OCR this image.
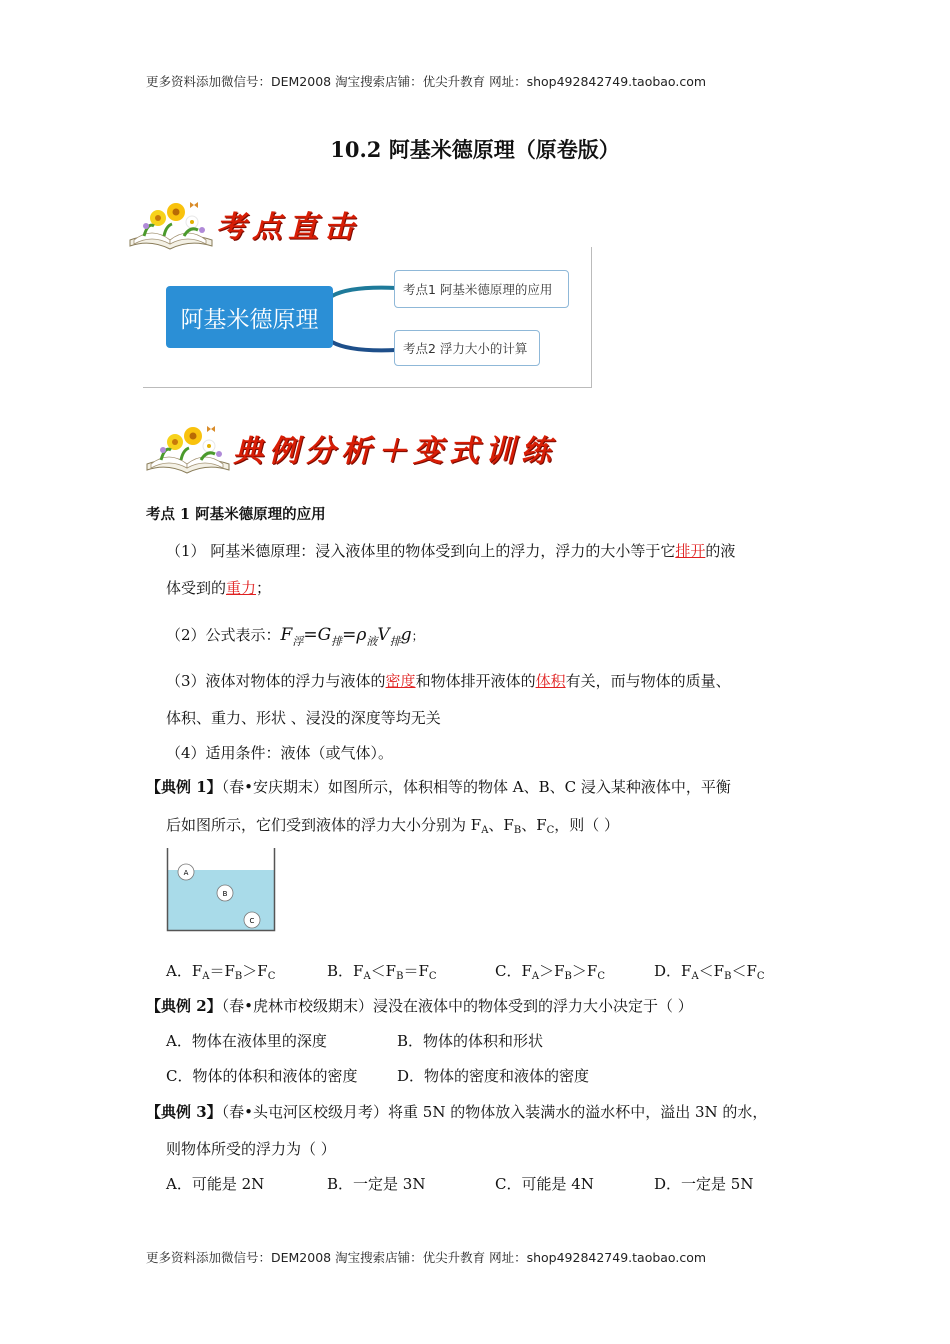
更多资料添加微信号：DEM2008 淘宝搜索店铺：优尖升教育 网址：shop492842749.taobao.com
10.2 阿基米德原理（原卷版）
考点直击
阿基米德原理
考点1 阿基米德原理的应用
考点2 浮力大小的计算
典例分析＋变式训练
考点 1 阿基米德原理的应用
（1） 阿基米德原理：浸入液体里的物体受到向上的浮力，浮力的大小等于它排开的液
体受到的重力；
（2）公式表示：$F_浮=G_排=\rho_液V_排g$；
（3）液体对物体的浮力与液体的密度和物体排开液体的体积有关，而与物体的质量、
体积、重力、形状 、浸没的深度等均无关
（4）适用条件：液体（或气体）。
【典例 1】（春•安庆期末）如图所示，体积相等的物体 A、B、C 浸入某种液体中，平衡
后如图所示，它们受到液体的浮力大小分别为 $F_A$、$F_B$、$F_C$，则（ ）
A
B
C
A．$F_A=F_B>F_C$	B．$F_A<F_B=F_C$	C．$F_A>F_B>F_C$	D．$F_A<F_B<F_C$
【典例 2】（春•虎林市校级期末）浸没在液体中的物体受到的浮力大小决定于（ ）
A．物体在液体里的深度	B．物体的体积和形状
C．物体的体积和液体的密度	D．物体的密度和液体的密度
【典例 3】（春•头屯河区校级月考）将重 5N 的物体放入装满水的溢水杯中，溢出 3N 的水，
则物体所受的浮力为（ ）
A．可能是 2N	B．一定是 3N	C．可能是 4N	D．一定是 5N
更多资料添加微信号：DEM2008 淘宝搜索店铺：优尖升教育 网址：shop492842749.taobao.com
